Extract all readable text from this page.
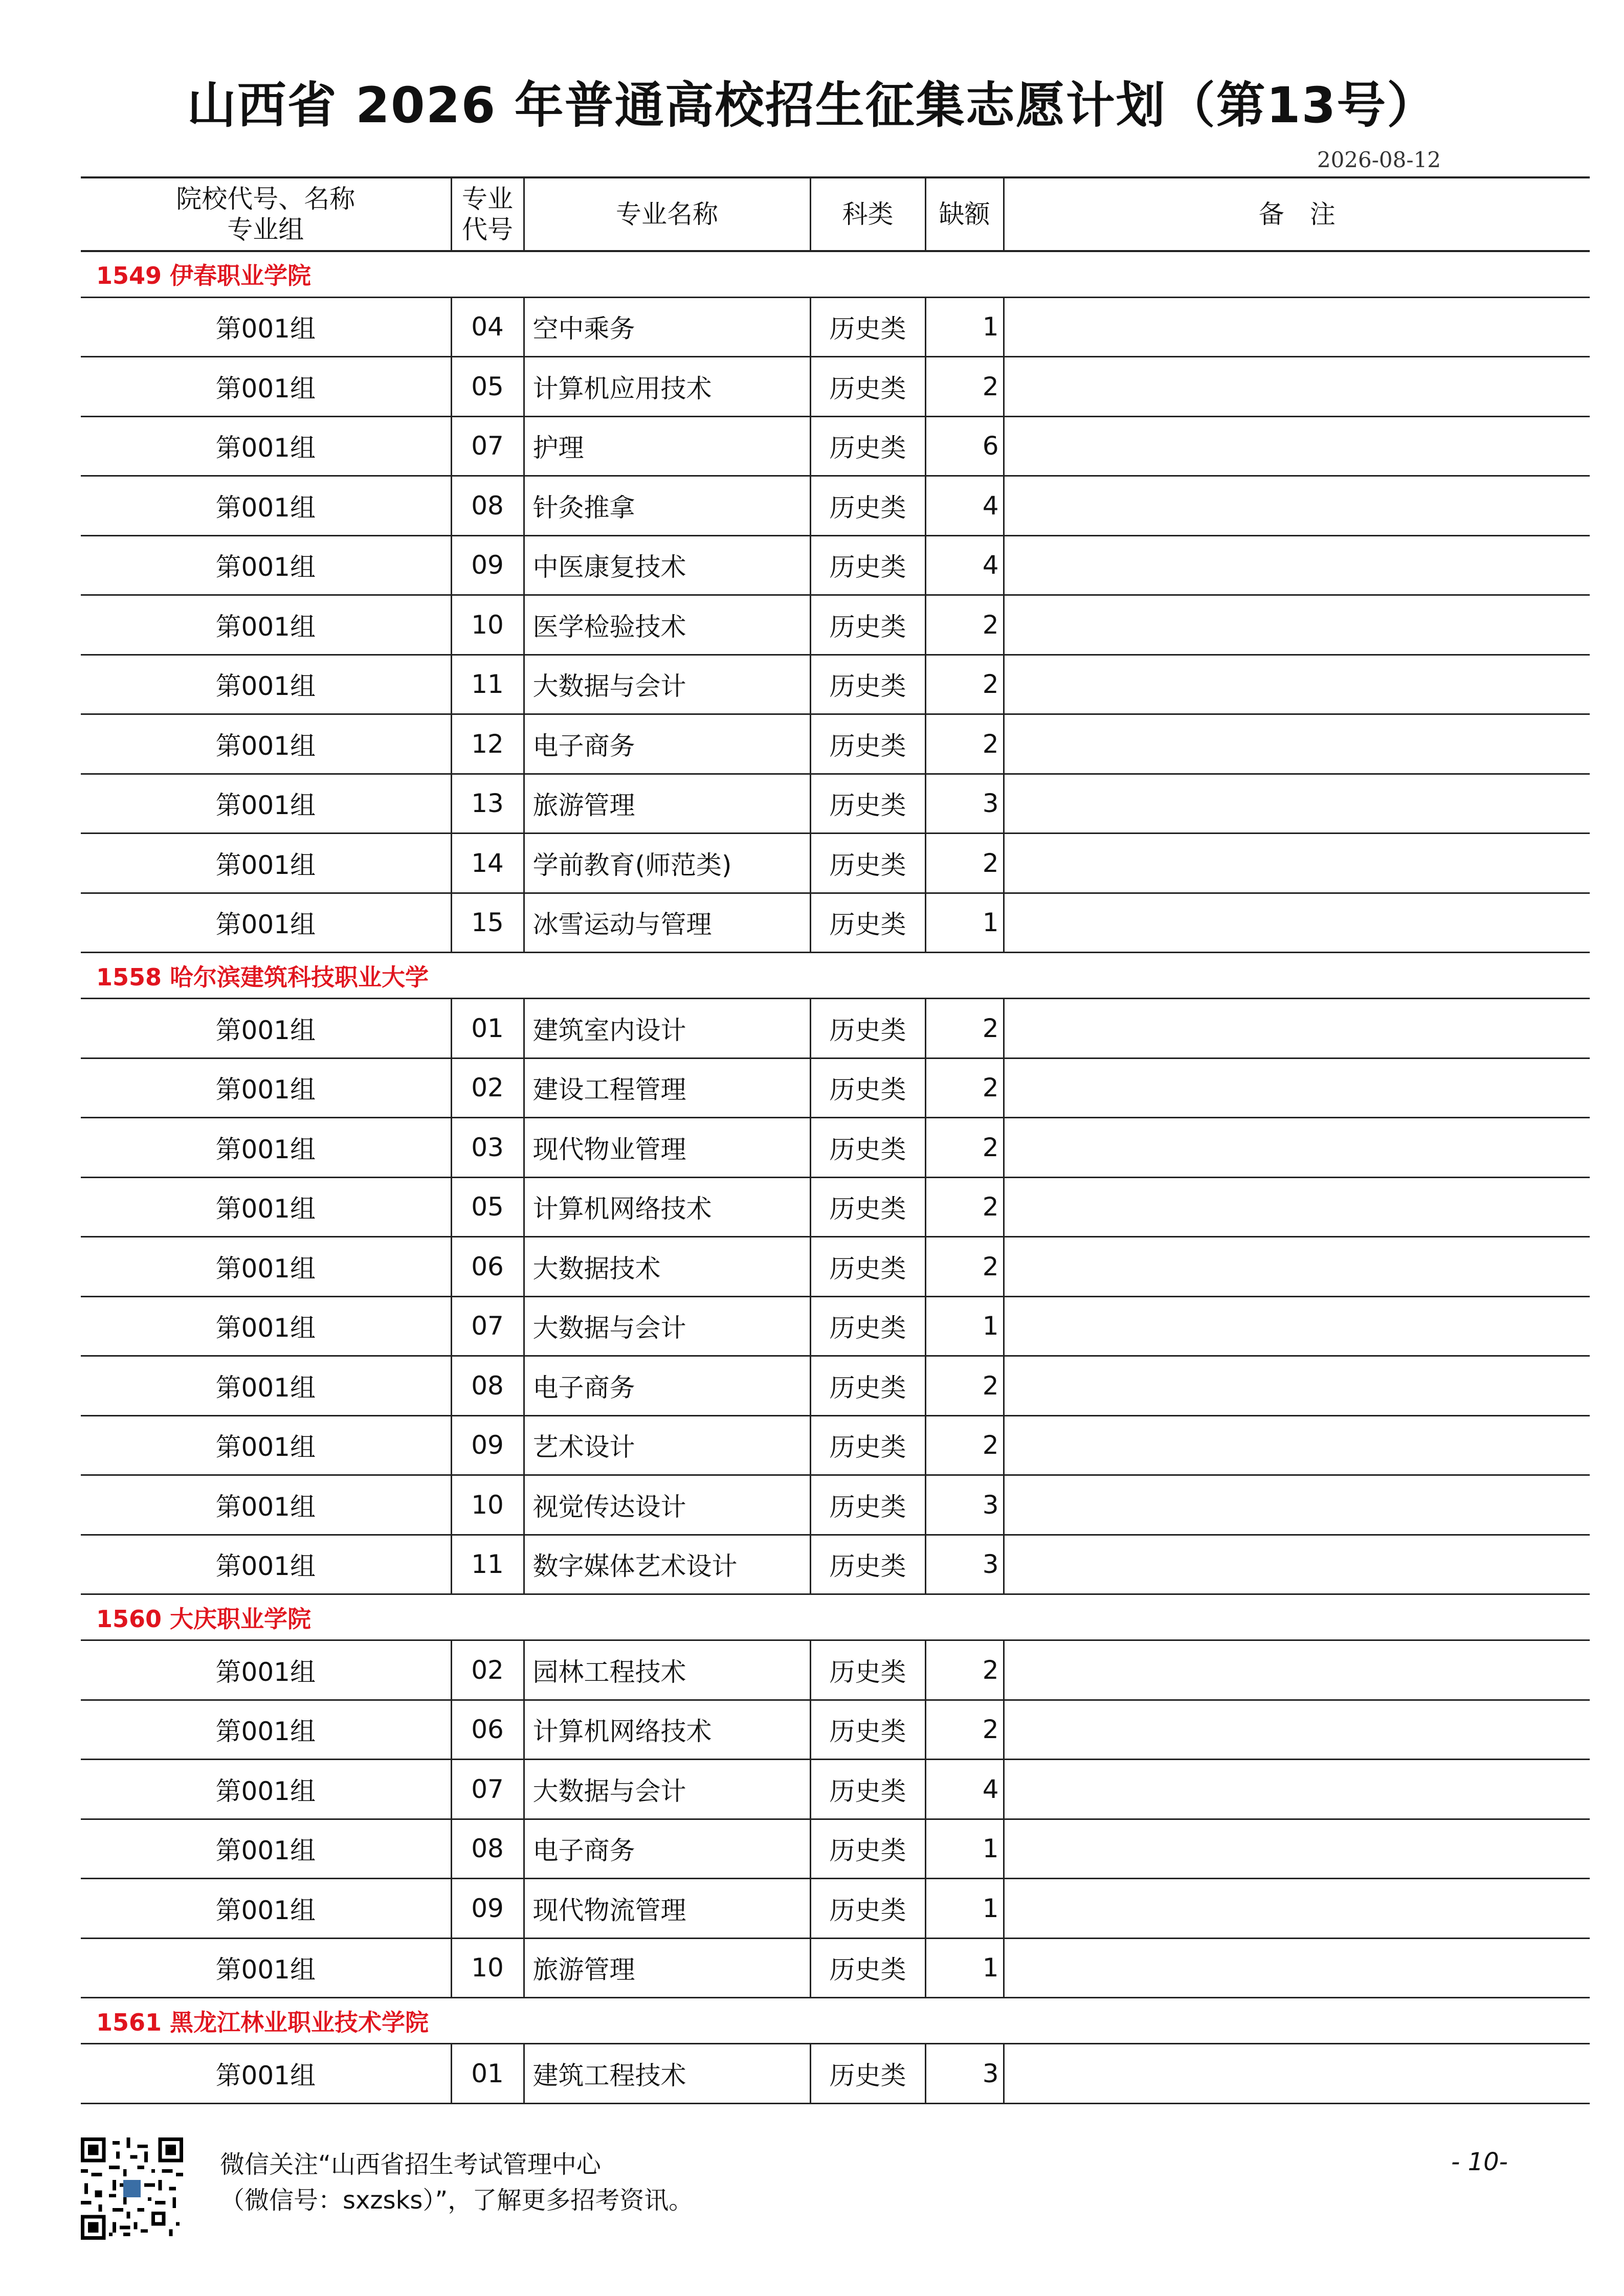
山西省 2026 年普通高校招生征集志愿计划（第13号）
2026-08-12
院校代号、名称
专业组	专业
代号	专业名称	科类	缺额	备　注
1549 伊春职业学院					
第001组	04	空中乘务	历史类	1	
第001组	05	计算机应用技术	历史类	2	
第001组	07	护理	历史类	6	
第001组	08	针灸推拿	历史类	4	
第001组	09	中医康复技术	历史类	4	
第001组	10	医学检验技术	历史类	2	
第001组	11	大数据与会计	历史类	2	
第001组	12	电子商务	历史类	2	
第001组	13	旅游管理	历史类	3	
第001组	14	学前教育(师范类)	历史类	2	
第001组	15	冰雪运动与管理	历史类	1	
1558 哈尔滨建筑科技职业大学					
第001组	01	建筑室内设计	历史类	2	
第001组	02	建设工程管理	历史类	2	
第001组	03	现代物业管理	历史类	2	
第001组	05	计算机网络技术	历史类	2	
第001组	06	大数据技术	历史类	2	
第001组	07	大数据与会计	历史类	1	
第001组	08	电子商务	历史类	2	
第001组	09	艺术设计	历史类	2	
第001组	10	视觉传达设计	历史类	3	
第001组	11	数字媒体艺术设计	历史类	3	
1560 大庆职业学院					
第001组	02	园林工程技术	历史类	2	
第001组	06	计算机网络技术	历史类	2	
第001组	07	大数据与会计	历史类	4	
第001组	08	电子商务	历史类	1	
第001组	09	现代物流管理	历史类	1	
第001组	10	旅游管理	历史类	1	
1561 黑龙江林业职业技术学院					
第001组	01	建筑工程技术	历史类	3	
微信关注“山西省招生考试管理中心
（微信号：sxzsks）”，了解更多招考资讯。
- 10-
